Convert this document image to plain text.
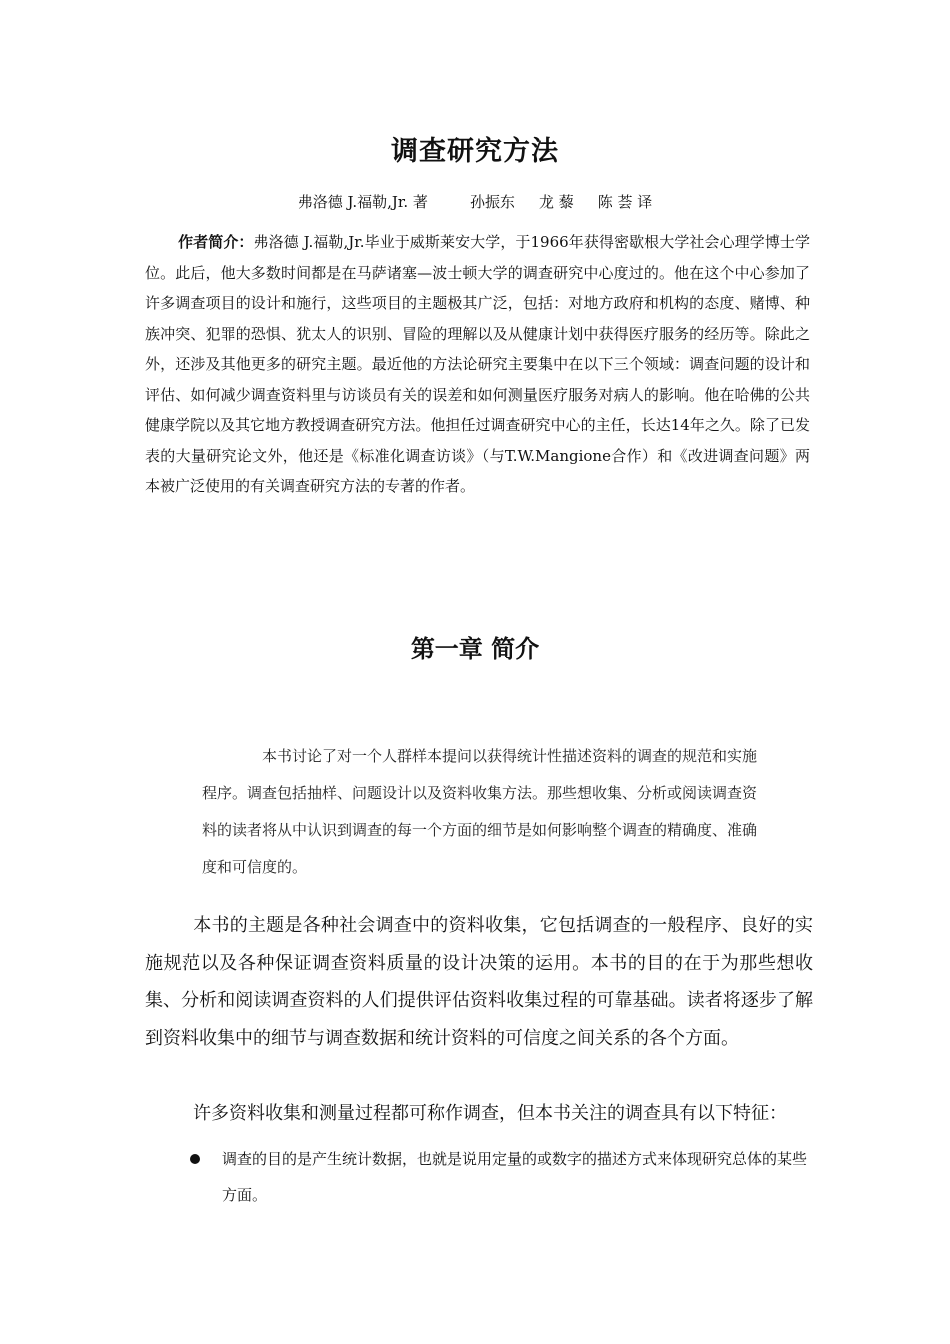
调查研究方法
弗洛德 J.福勒,Jr. 著	孙振东 龙 藜 陈 荟 译
作者简介：弗洛德 J.福勒,Jr.毕业于威斯莱安大学，于1966年获得密歇根大学社会心理学博士学位。此后，他大多数时间都是在马萨诸塞—波士顿大学的调查研究中心度过的。他在这个中心参加了许多调查项目的设计和施行，这些项目的主题极其广泛，包括：对地方政府和机构的态度、赌博、种族冲突、犯罪的恐惧、犹太人的识别、冒险的理解以及从健康计划中获得医疗服务的经历等。除此之外，还涉及其他更多的研究主题。最近他的方法论研究主要集中在以下三个领域：调查问题的设计和评估、如何减少调查资料里与访谈员有关的误差和如何测量医疗服务对病人的影响。他在哈佛的公共健康学院以及其它地方教授调查研究方法。他担任过调查研究中心的主任，长达14年之久。除了已发表的大量研究论文外，他还是《标准化调查访谈》（与T.W.Mangione合作）和《改进调查问题》两本被广泛使用的有关调查研究方法的专著的作者。
第一章 简介
本书讨论了对一个人群样本提问以获得统计性描述资料的调查的规范和实施程序。调查包括抽样、问题设计以及资料收集方法。那些想收集、分析或阅读调查资料的读者将从中认识到调查的每一个方面的细节是如何影响整个调查的精确度、准确度和可信度的。
本书的主题是各种社会调查中的资料收集，它包括调查的一般程序、良好的实施规范以及各种保证调查资料质量的设计决策的运用。本书的目的在于为那些想收集、分析和阅读调查资料的人们提供评估资料收集过程的可靠基础。读者将逐步了解到资料收集中的细节与调查数据和统计资料的可信度之间关系的各个方面。
许多资料收集和测量过程都可称作调查，但本书关注的调查具有以下特征：
调查的目的是产生统计数据，也就是说用定量的或数字的描述方式来体现研究总体的某些方面。
